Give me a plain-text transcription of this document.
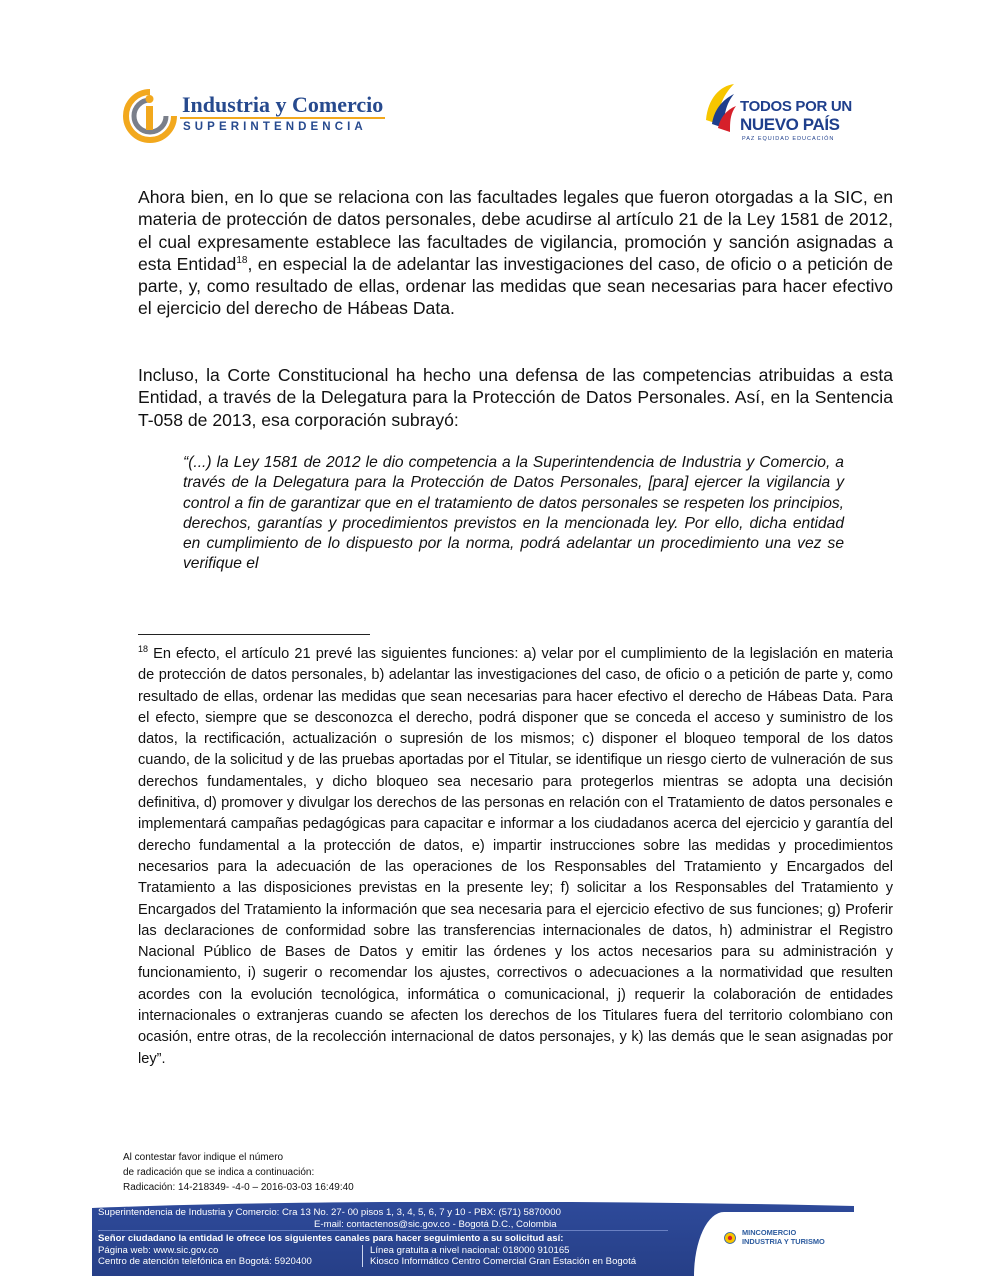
Industria y Comercio
SUPERINTENDENCIA
TODOS POR UN
NUEVO PAÍS
PAZ EQUIDAD EDUCACIÓN

Ahora bien, en lo que se relaciona con las facultades legales que fueron otorgadas a la SIC, en materia de protección de datos personales, debe acudirse al artículo 21 de la Ley 1581 de 2012, el cual expresamente establece las facultades de vigilancia, promoción y sanción asignadas a esta Entidad$^{18}$, en especial la de adelantar las investigaciones del caso, de oficio o a petición de parte, y, como resultado de ellas, ordenar las medidas que sean necesarias para hacer efectivo el ejercicio del derecho de Hábeas Data.

Incluso, la Corte Constitucional ha hecho una defensa de las competencias atribuidas a esta Entidad, a través de la Delegatura para la Protección de Datos Personales. Así, en la Sentencia T-058 de 2013, esa corporación subrayó:

“(...) la Ley 1581 de 2012 le dio competencia a la Superintendencia de Industria y Comercio, a través de la Delegatura para la Protección de Datos Personales, [para] ejercer la vigilancia y control a fin de garantizar que en el tratamiento de datos personales se respeten los principios, derechos, garantías y procedimientos previstos en la mencionada ley. Por ello, dicha entidad en cumplimiento de lo dispuesto por la norma, podrá adelantar un procedimiento una vez se verifique el

$^{18}$ En efecto, el artículo 21 prevé las siguientes funciones: a) velar por el cumplimiento de la legislación en materia de protección de datos personales, b) adelantar las investigaciones del caso, de oficio o a petición de parte y, como resultado de ellas, ordenar las medidas que sean necesarias para hacer efectivo el derecho de Hábeas Data. Para el efecto, siempre que se desconozca el derecho, podrá disponer que se conceda el acceso y suministro de los datos, la rectificación, actualización o supresión de los mismos; c) disponer el bloqueo temporal de los datos cuando, de la solicitud y de las pruebas aportadas por el Titular, se identifique un riesgo cierto de vulneración de sus derechos fundamentales, y dicho bloqueo sea necesario para protegerlos mientras se adopta una decisión definitiva, d) promover y divulgar los derechos de las personas en relación con el Tratamiento de datos personales e implementará campañas pedagógicas para capacitar e informar a los ciudadanos acerca del ejercicio y garantía del derecho fundamental a la protección de datos, e) impartir instrucciones sobre las medidas y procedimientos necesarios para la adecuación de las operaciones de los Responsables del Tratamiento y Encargados del Tratamiento a las disposiciones previstas en la presente ley; f) solicitar a los Responsables del Tratamiento y Encargados del Tratamiento la información que sea necesaria para el ejercicio efectivo de sus funciones; g) Proferir las declaraciones de conformidad sobre las transferencias internacionales de datos, h) administrar el Registro Nacional Público de Bases de Datos y emitir las órdenes y los actos necesarios para su administración y funcionamiento, i) sugerir o recomendar los ajustes, correctivos o adecuaciones a la normatividad que resulten acordes con la evolución tecnológica, informática o comunicacional, j) requerir la colaboración de entidades internacionales o extranjeras cuando se afecten los derechos de los Titulares fuera del territorio colombiano con ocasión, entre otras, de la recolección internacional de datos personajes, y k) las demás que le sean asignadas por ley”.

Al contestar favor indique el número
de radicación que se indica a continuación:
Radicación: 14-218349- -4-0 – 2016-03-03 16:49:40
Superintendencia de Industria y Comercio: Cra 13 No. 27- 00 pisos 1, 3, 4, 5, 6, 7 y 10 - PBX: (571) 5870000
E-mail: contactenos@sic.gov.co - Bogotá D.C., Colombia
Señor ciudadano la entidad le ofrece los siguientes canales para hacer seguimiento a su solicitud así:
Página web: www.sic.gov.co
Centro de atención telefónica en Bogotá: 5920400
Línea gratuita a nivel nacional: 018000 910165
Kiosco Informático Centro Comercial Gran Estación en Bogotá
MINCOMERCIO
INDUSTRIA Y TURISMO
